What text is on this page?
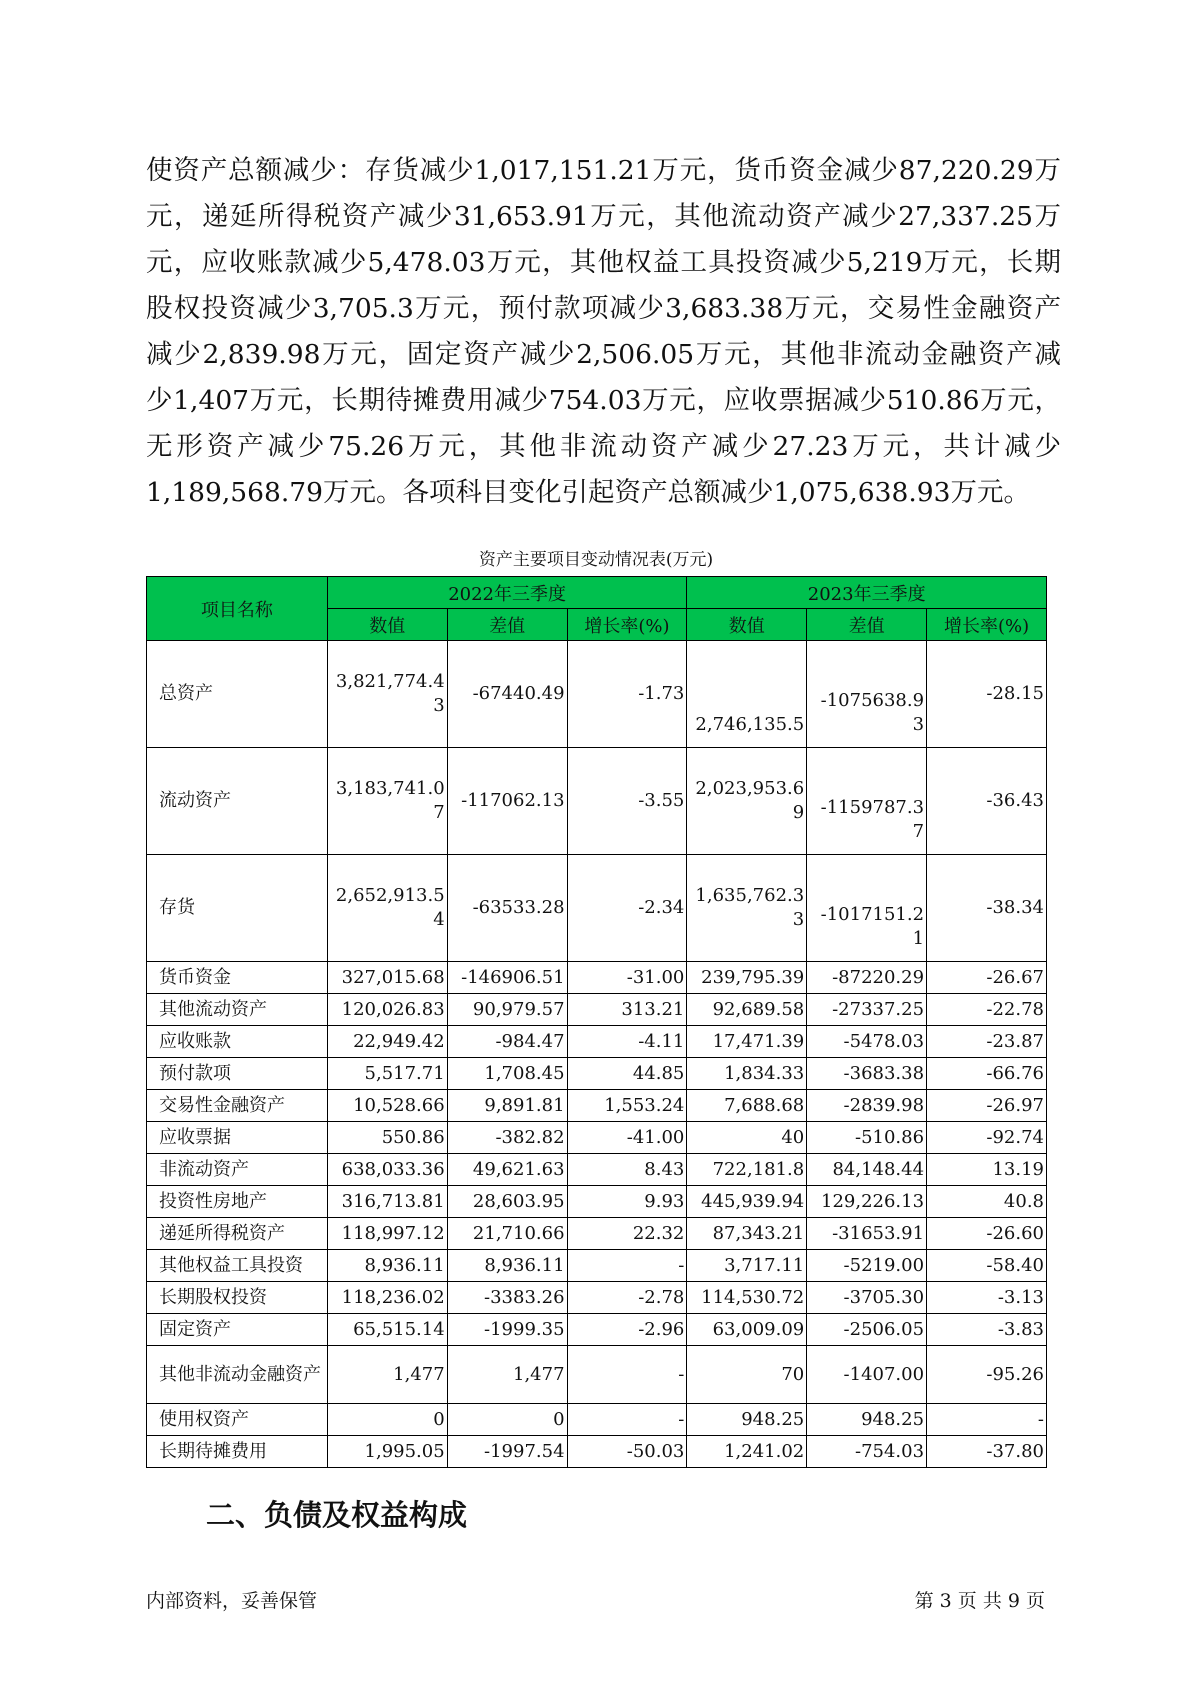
使资产总额减少：存货减少1,017,151.21万元，货币资金减少87,220.29万
元，递延所得税资产减少31,653.91万元，其他流动资产减少27,337.25万
元，应收账款减少5,478.03万元，其他权益工具投资减少5,219万元，长期
股权投资减少3,705.3万元，预付款项减少3,683.38万元，交易性金融资产
减少2,839.98万元，固定资产减少2,506.05万元，其他非流动金融资产减
少1,407万元，长期待摊费用减少754.03万元，应收票据减少510.86万元，
无形资产减少75.26万元，其他非流动资产减少27.23万元，共计减少
1,189,568.79万元。各项科目变化引起资产总额减少1,075,638.93万元。
资产主要项目变动情况表(万元)
项目名称	2022年三季度			2023年三季度		
	数值	差值	增长率(%)	数值	差值	增长率(%)
总资产	3,821,774.43	-67440.49	-1.73	2,746,135.5	-1075638.93	-28.15
流动资产	3,183,741.07	-117062.13	-3.55	2,023,953.69	-1159787.37	-36.43
存货	2,652,913.54	-63533.28	-2.34	1,635,762.33	-1017151.21	-38.34
货币资金	327,015.68	-146906.51	-31.00	239,795.39	-87220.29	-26.67
其他流动资产	120,026.83	90,979.57	313.21	92,689.58	-27337.25	-22.78
应收账款	22,949.42	-984.47	-4.11	17,471.39	-5478.03	-23.87
预付款项	5,517.71	1,708.45	44.85	1,834.33	-3683.38	-66.76
交易性金融资产	10,528.66	9,891.81	1,553.24	7,688.68	-2839.98	-26.97
应收票据	550.86	-382.82	-41.00	40	-510.86	-92.74
非流动资产	638,033.36	49,621.63	8.43	722,181.8	84,148.44	13.19
投资性房地产	316,713.81	28,603.95	9.93	445,939.94	129,226.13	40.8
递延所得税资产	118,997.12	21,710.66	22.32	87,343.21	-31653.91	-26.60
其他权益工具投资	8,936.11	8,936.11	-	3,717.11	-5219.00	-58.40
长期股权投资	118,236.02	-3383.26	-2.78	114,530.72	-3705.30	-3.13
固定资产	65,515.14	-1999.35	-2.96	63,009.09	-2506.05	-3.83
其他非流动金融资产	1,477	1,477	-	70	-1407.00	-95.26
使用权资产	0	0	-	948.25	948.25	-
长期待摊费用	1,995.05	-1997.54	-50.03	1,241.02	-754.03	-37.80
二、负债及权益构成
内部资料，妥善保管	第 3 页 共 9 页
